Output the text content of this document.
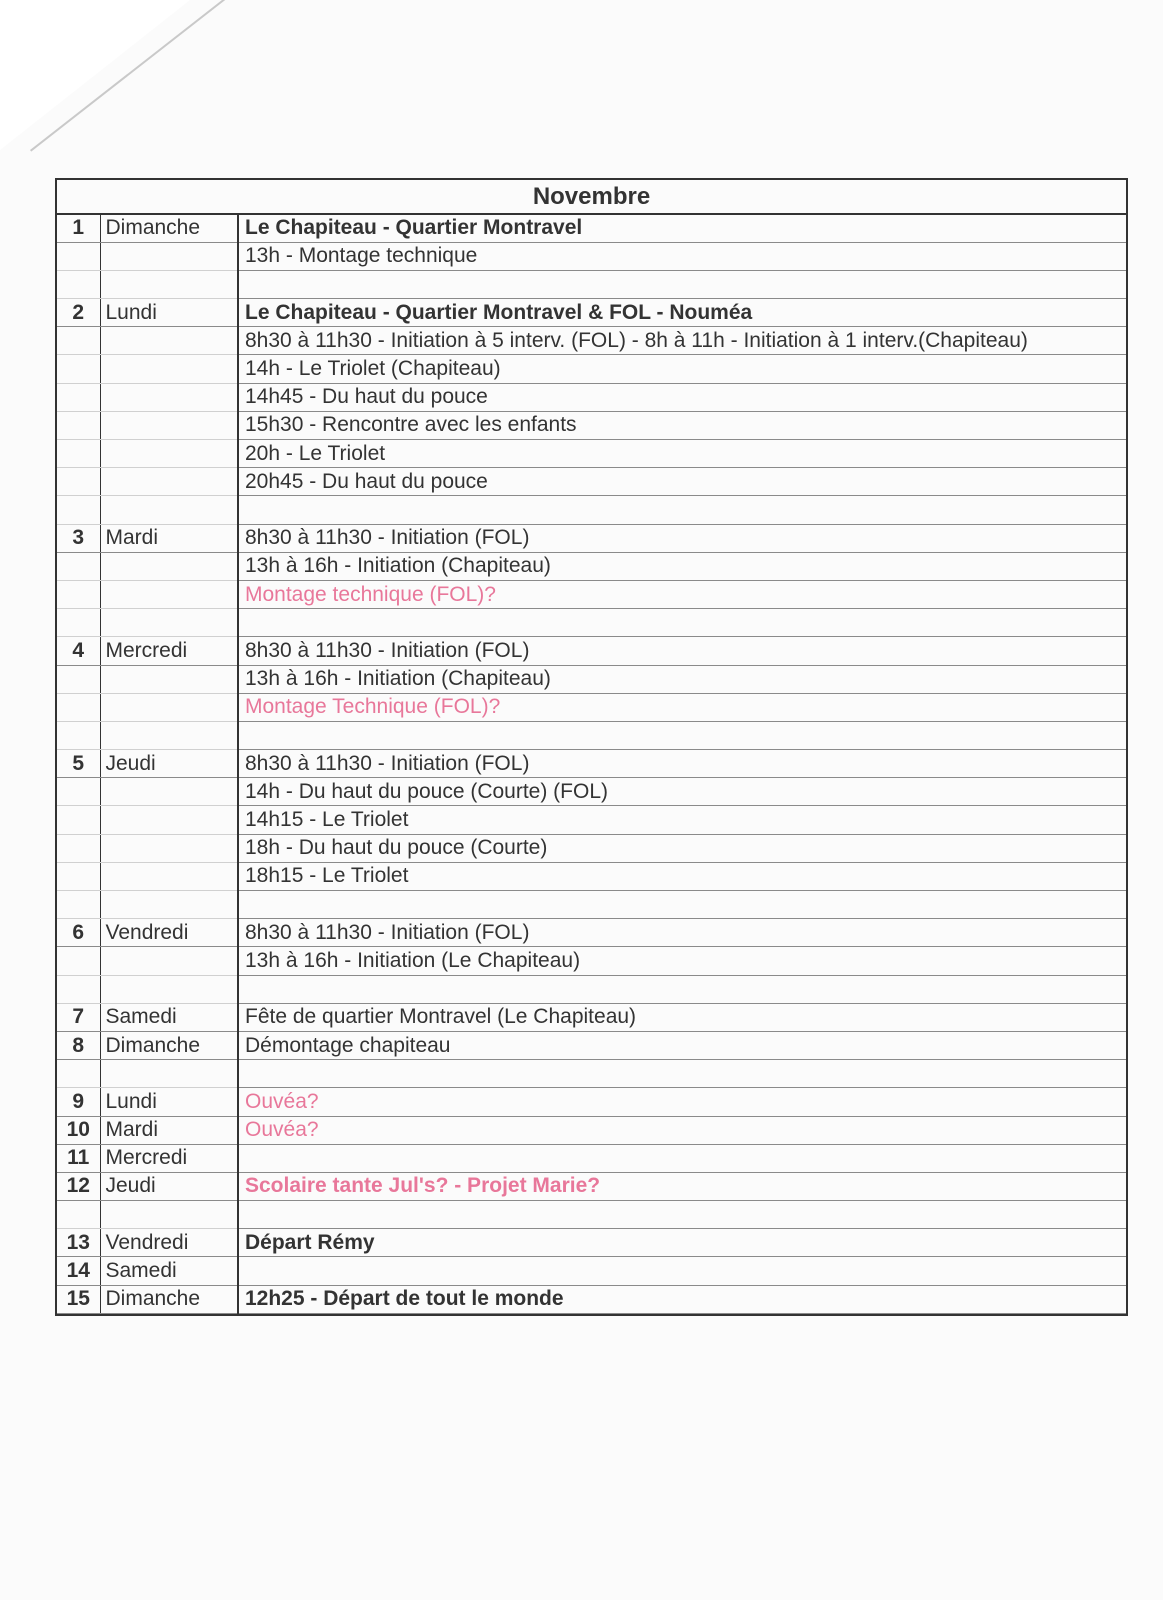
Novembre		
1	Dimanche	Le Chapiteau - Quartier Montravel
		13h - Montage technique

2	Lundi	Le Chapiteau - Quartier Montravel & FOL - Nouméa
		8h30 à 11h30 - Initiation à 5 interv. (FOL) - 8h à 11h - Initiation à 1 interv.(Chapiteau)
		14h - Le Triolet (Chapiteau)
		14h45 - Du haut du pouce
		15h30 - Rencontre avec les enfants
		20h - Le Triolet
		20h45 - Du haut du pouce

3	Mardi	8h30 à 11h30 - Initiation (FOL)
		13h à 16h - Initiation (Chapiteau)
		Montage technique (FOL)?

4	Mercredi	8h30 à 11h30 - Initiation (FOL)
		13h à 16h - Initiation (Chapiteau)
		Montage Technique (FOL)?

5	Jeudi	8h30 à 11h30 - Initiation (FOL)
		14h - Du haut du pouce (Courte) (FOL)
		14h15 - Le Triolet
		18h - Du haut du pouce (Courte)
		18h15 - Le Triolet

6	Vendredi	8h30 à 11h30 - Initiation (FOL)
		13h à 16h - Initiation (Le Chapiteau)

7	Samedi	Fête de quartier Montravel (Le Chapiteau)
8	Dimanche	Démontage chapiteau

9	Lundi	Ouvéa?
10	Mardi	Ouvéa?
11	Mercredi	
12	Jeudi	Scolaire tante Jul's? - Projet Marie?

13	Vendredi	Départ Rémy
14	Samedi	
15	Dimanche	12h25 - Départ de tout le monde
